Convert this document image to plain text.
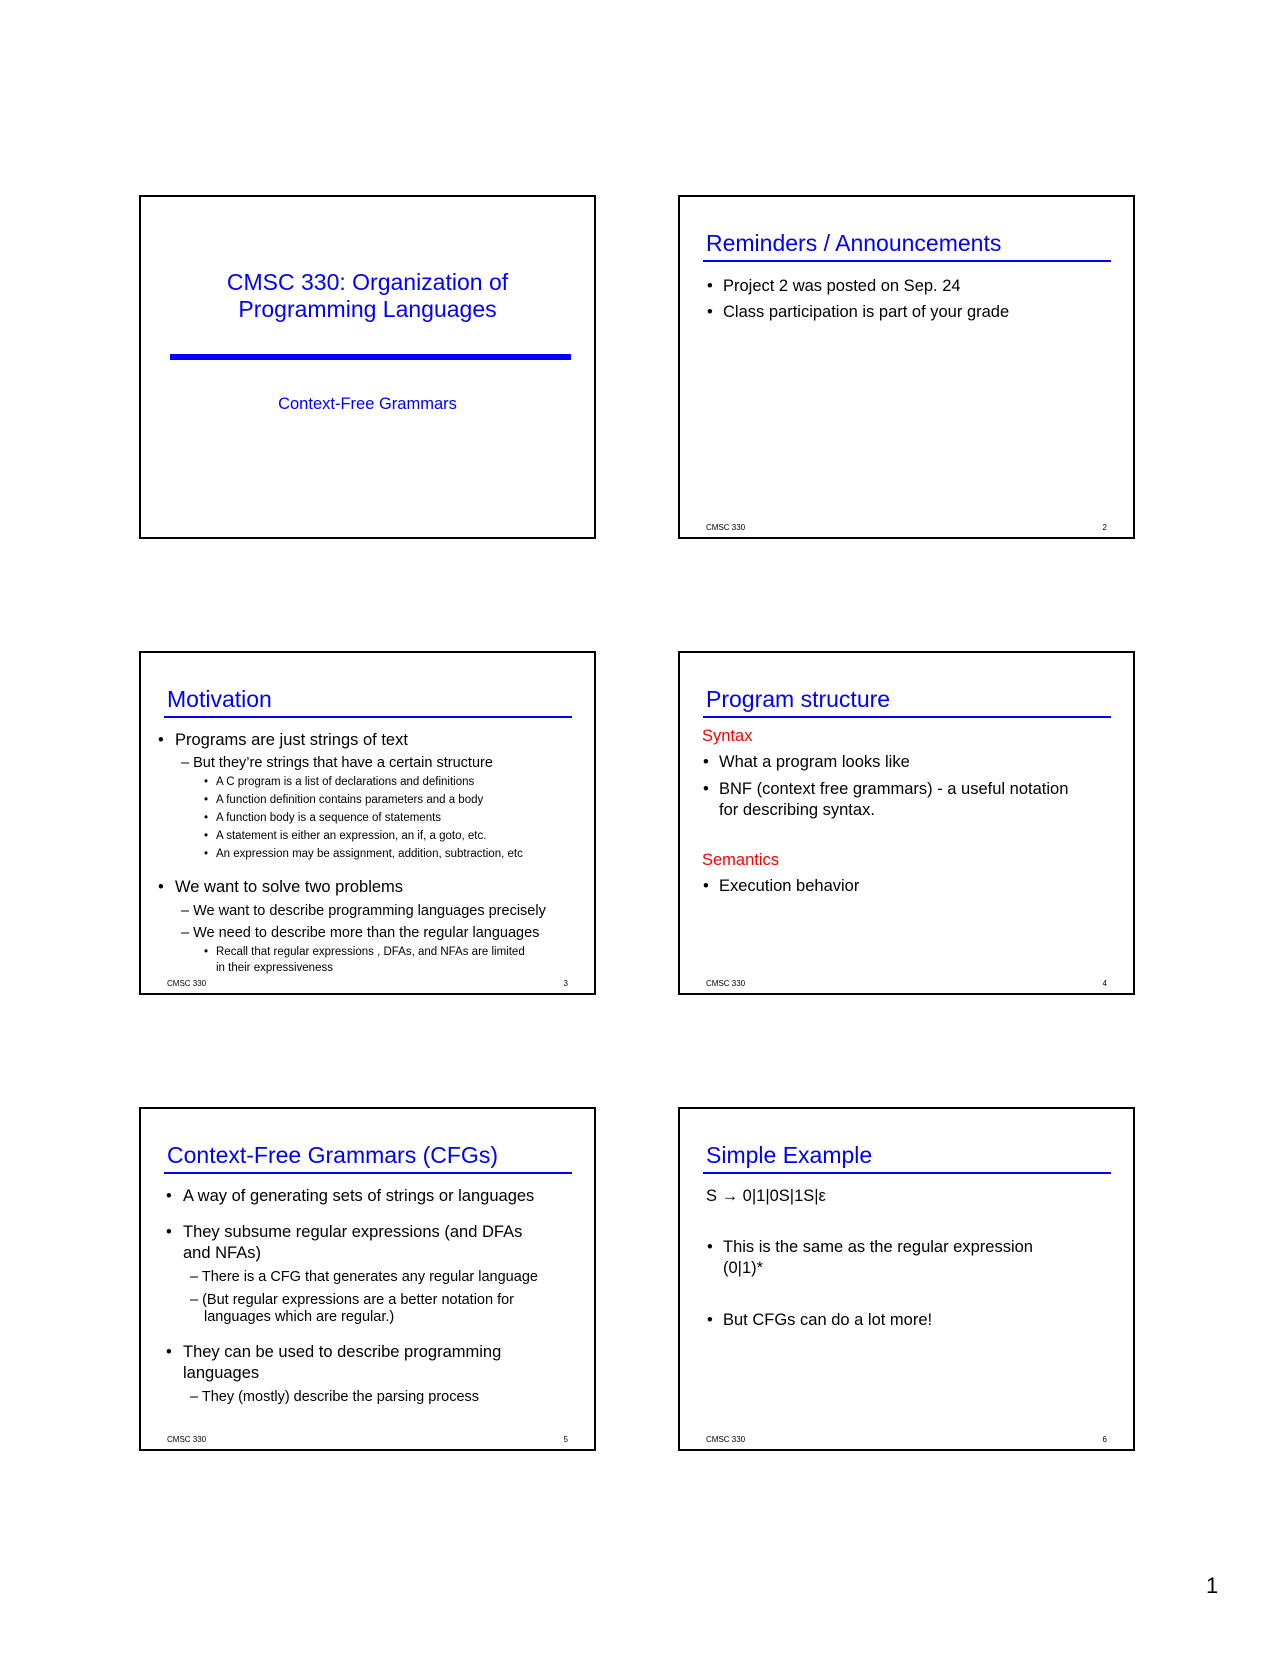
CMSC 330: Organization of
Programming Languages
Context-Free Grammars
Reminders / Announcements
• Project 2 was posted on Sep. 24
• Class participation is part of your grade
CMSC 330	2
Motivation
• Programs are just strings of text
– But they’re strings that have a certain structure
• A C program is a list of declarations and definitions
• A function definition contains parameters and a body
• A function body is a sequence of statements
• A statement is either an expression, an if, a goto, etc.
• An expression may be assignment, addition, subtraction, etc
• We want to solve two problems
– We want to describe programming languages precisely
– We need to describe more than the regular languages
• Recall that regular expressions , DFAs, and NFAs are limited
in their expressiveness
CMSC 330	3
Program structure
Syntax
• What a program looks like
• BNF (context free grammars) - a useful notation
for describing syntax.
Semantics
• Execution behavior
CMSC 330	4
Context-Free Grammars (CFGs)
• A way of generating sets of strings or languages
• They subsume regular expressions (and DFAs
and NFAs)
– There is a CFG that generates any regular language
– (But regular expressions are a better notation for
languages which are regular.)
• They can be used to describe programming
languages
– They (mostly) describe the parsing process
CMSC 330	5
Simple Example
S → 0|1|0S|1S|ε
• This is the same as the regular expression
(0|1)*
• But CFGs can do a lot more!
CMSC 330	6
1
